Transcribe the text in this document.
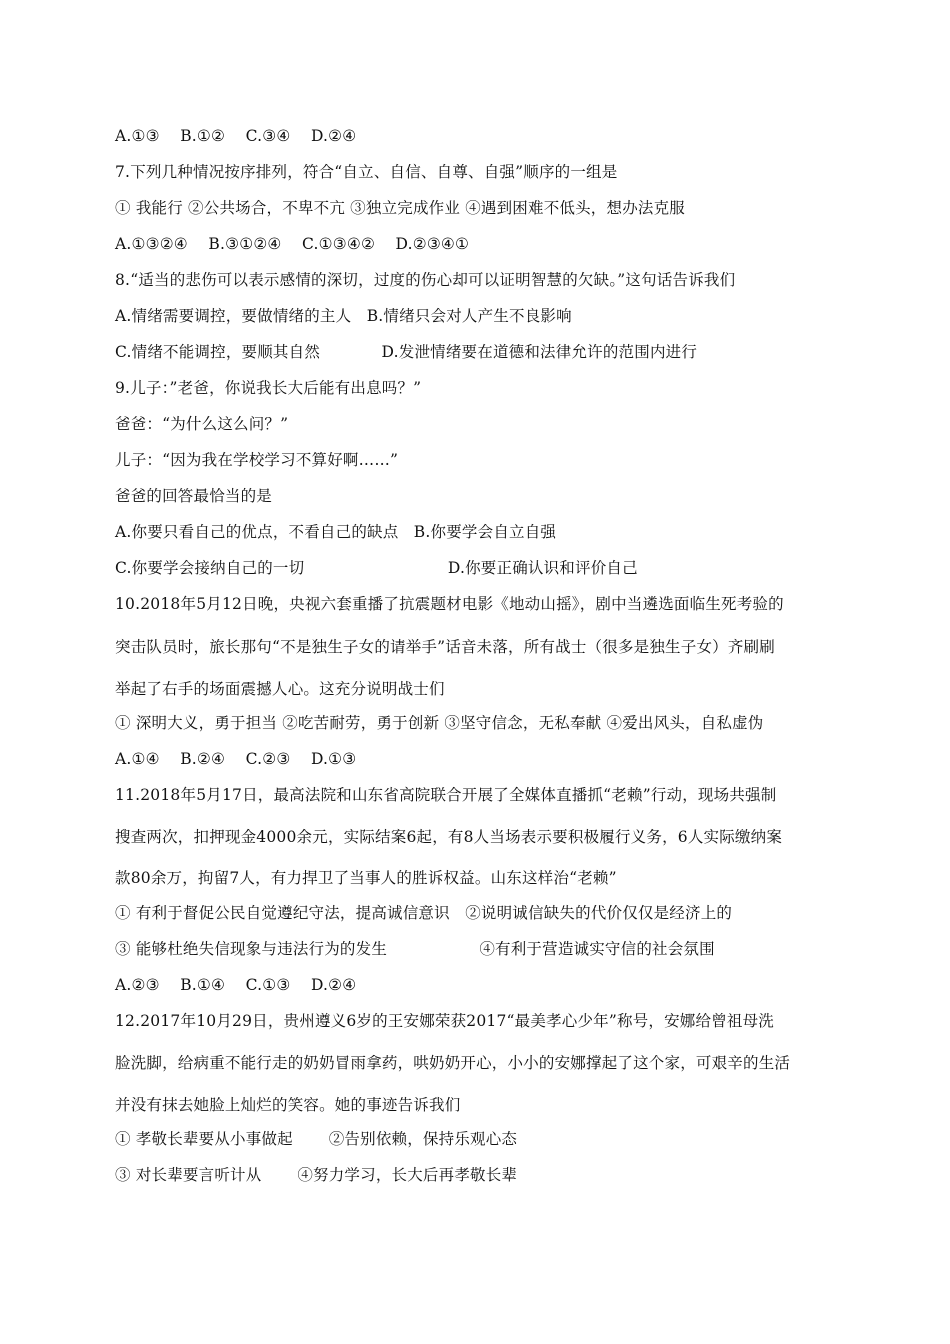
A.①③    B.①②    C.③④    D.②④
7.下列几种情况按序排列，符合“自立、自信、自尊、自强”顺序的一组是
① 我能行 ②公共场合，不卑不亢 ③独立完成作业 ④遇到困难不低头，想办法克服
A.①③②④    B.③①②④    C.①③④②    D.②③④①
8.“适当的悲伤可以表示感情的深切，过度的伤心却可以证明智慧的欠缺。”这句话告诉我们
A.情绪需要调控，要做情绪的主人   B.情绪只会对人产生不良影响
C.情绪不能调控，要顺其自然            D.发泄情绪要在道德和法律允许的范围内进行
9.儿子：”老爸，你说我长大后能有出息吗？”
爸爸：“为什么这么问？”
儿子：“因为我在学校学习不算好啊……”
爸爸的回答最恰当的是
A.你要只看自己的优点，不看自己的缺点   B.你要学会自立自强
C.你要学会接纳自己的一切                            D.你要正确认识和评价自己
10.2018年5月12日晚，央视六套重播了抗震题材电影《地动山摇》，剧中当遴选面临生死考验的
突击队员时，旅长那句“不是独生子女的请举手”话音未落，所有战士（很多是独生子女）齐刷刷
举起了右手的场面震撼人心。这充分说明战士们
① 深明大义，勇于担当 ②吃苦耐劳，勇于创新 ③坚守信念，无私奉献 ④爱出风头，自私虚伪
A.①④    B.②④    C.②③    D.①③
11.2018年5月17日，最高法院和山东省高院联合开展了全媒体直播抓“老赖”行动，现场共强制
搜查两次，扣押现金4000余元，实际结案6起，有8人当场表示要积极履行义务，6人实际缴纳案
款80余万，拘留7人，有力捍卫了当事人的胜诉权益。山东这样治“老赖”
① 有利于督促公民自觉遵纪守法，提高诚信意识   ②说明诚信缺失的代价仅仅是经济上的
③ 能够杜绝失信现象与违法行为的发生                  ④有利于营造诚实守信的社会氛围
A.②③    B.①④    C.①③    D.②④
12.2017年10月29日，贵州遵义6岁的王安娜荣获2017“最美孝心少年”称号，安娜给曾祖母洗
脸洗脚，给病重不能行走的奶奶冒雨拿药，哄奶奶开心，小小的安娜撑起了这个家，可艰辛的生活
并没有抹去她脸上灿烂的笑容。她的事迹告诉我们
① 孝敬长辈要从小事做起       ②告别依赖，保持乐观心态
③ 对长辈要言听计从       ④努力学习，长大后再孝敬长辈
